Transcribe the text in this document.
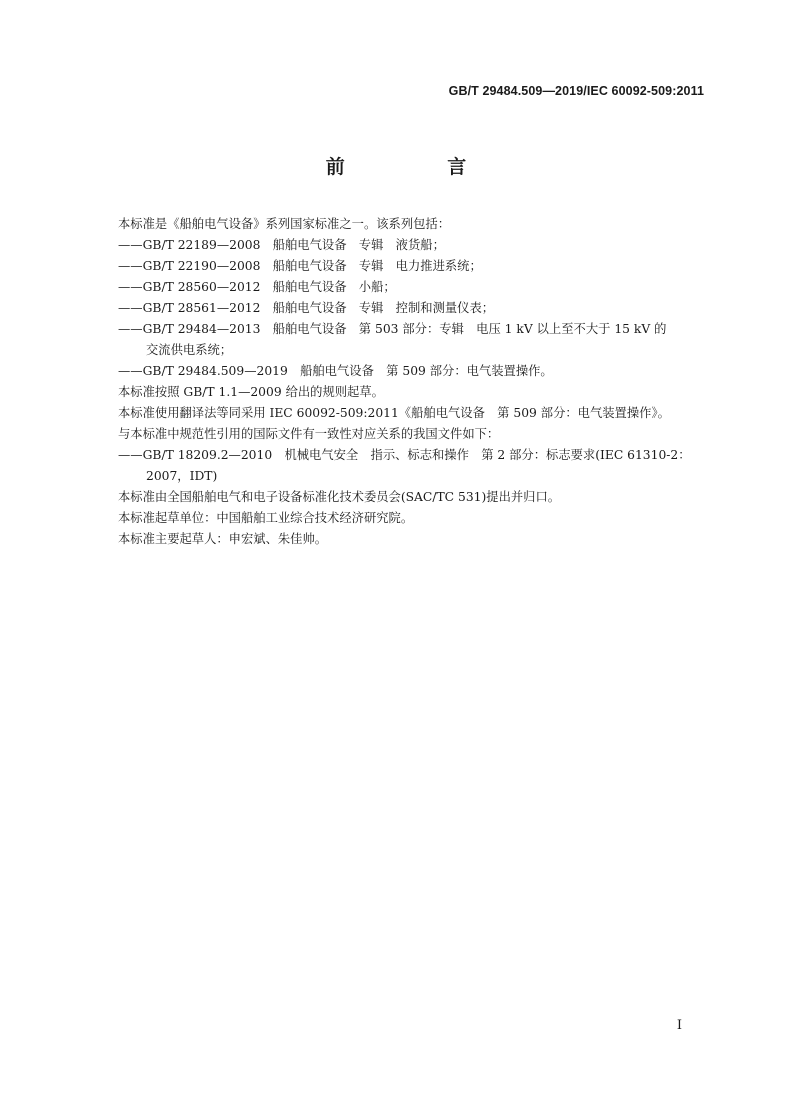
GB/T 29484.509—2019/IEC 60092-509:2011
前 言

本标准是《船舶电气设备》系列国家标准之一。该系列包括：

——GB/T 22189—2008　船舶电气设备　专辑　液货船；

——GB/T 22190—2008　船舶电气设备　专辑　电力推进系统；

——GB/T 28560—2012　船舶电气设备　小船；

——GB/T 28561—2012　船舶电气设备　专辑　控制和测量仪表；

——GB/T 29484—2013　船舶电气设备　第 503 部分：专辑　电压 1 kV 以上至不大于 15 kV 的

交流供电系统；

——GB/T 29484.509—2019　船舶电气设备　第 509 部分：电气装置操作。

本标准按照 GB/T 1.1—2009 给出的规则起草。

本标准使用翻译法等同采用 IEC 60092-509:2011《船舶电气设备　第 509 部分：电气装置操作》。

与本标准中规范性引用的国际文件有一致性对应关系的我国文件如下：

——GB/T 18209.2—2010　机械电气安全　指示、标志和操作　第 2 部分：标志要求(IEC 61310-2：

2007，IDT)

本标准由全国船舶电气和电子设备标准化技术委员会(SAC/TC 531)提出并归口。

本标准起草单位：中国船舶工业综合技术经济研究院。

本标准主要起草人：申宏斌、朱佳帅。

I
